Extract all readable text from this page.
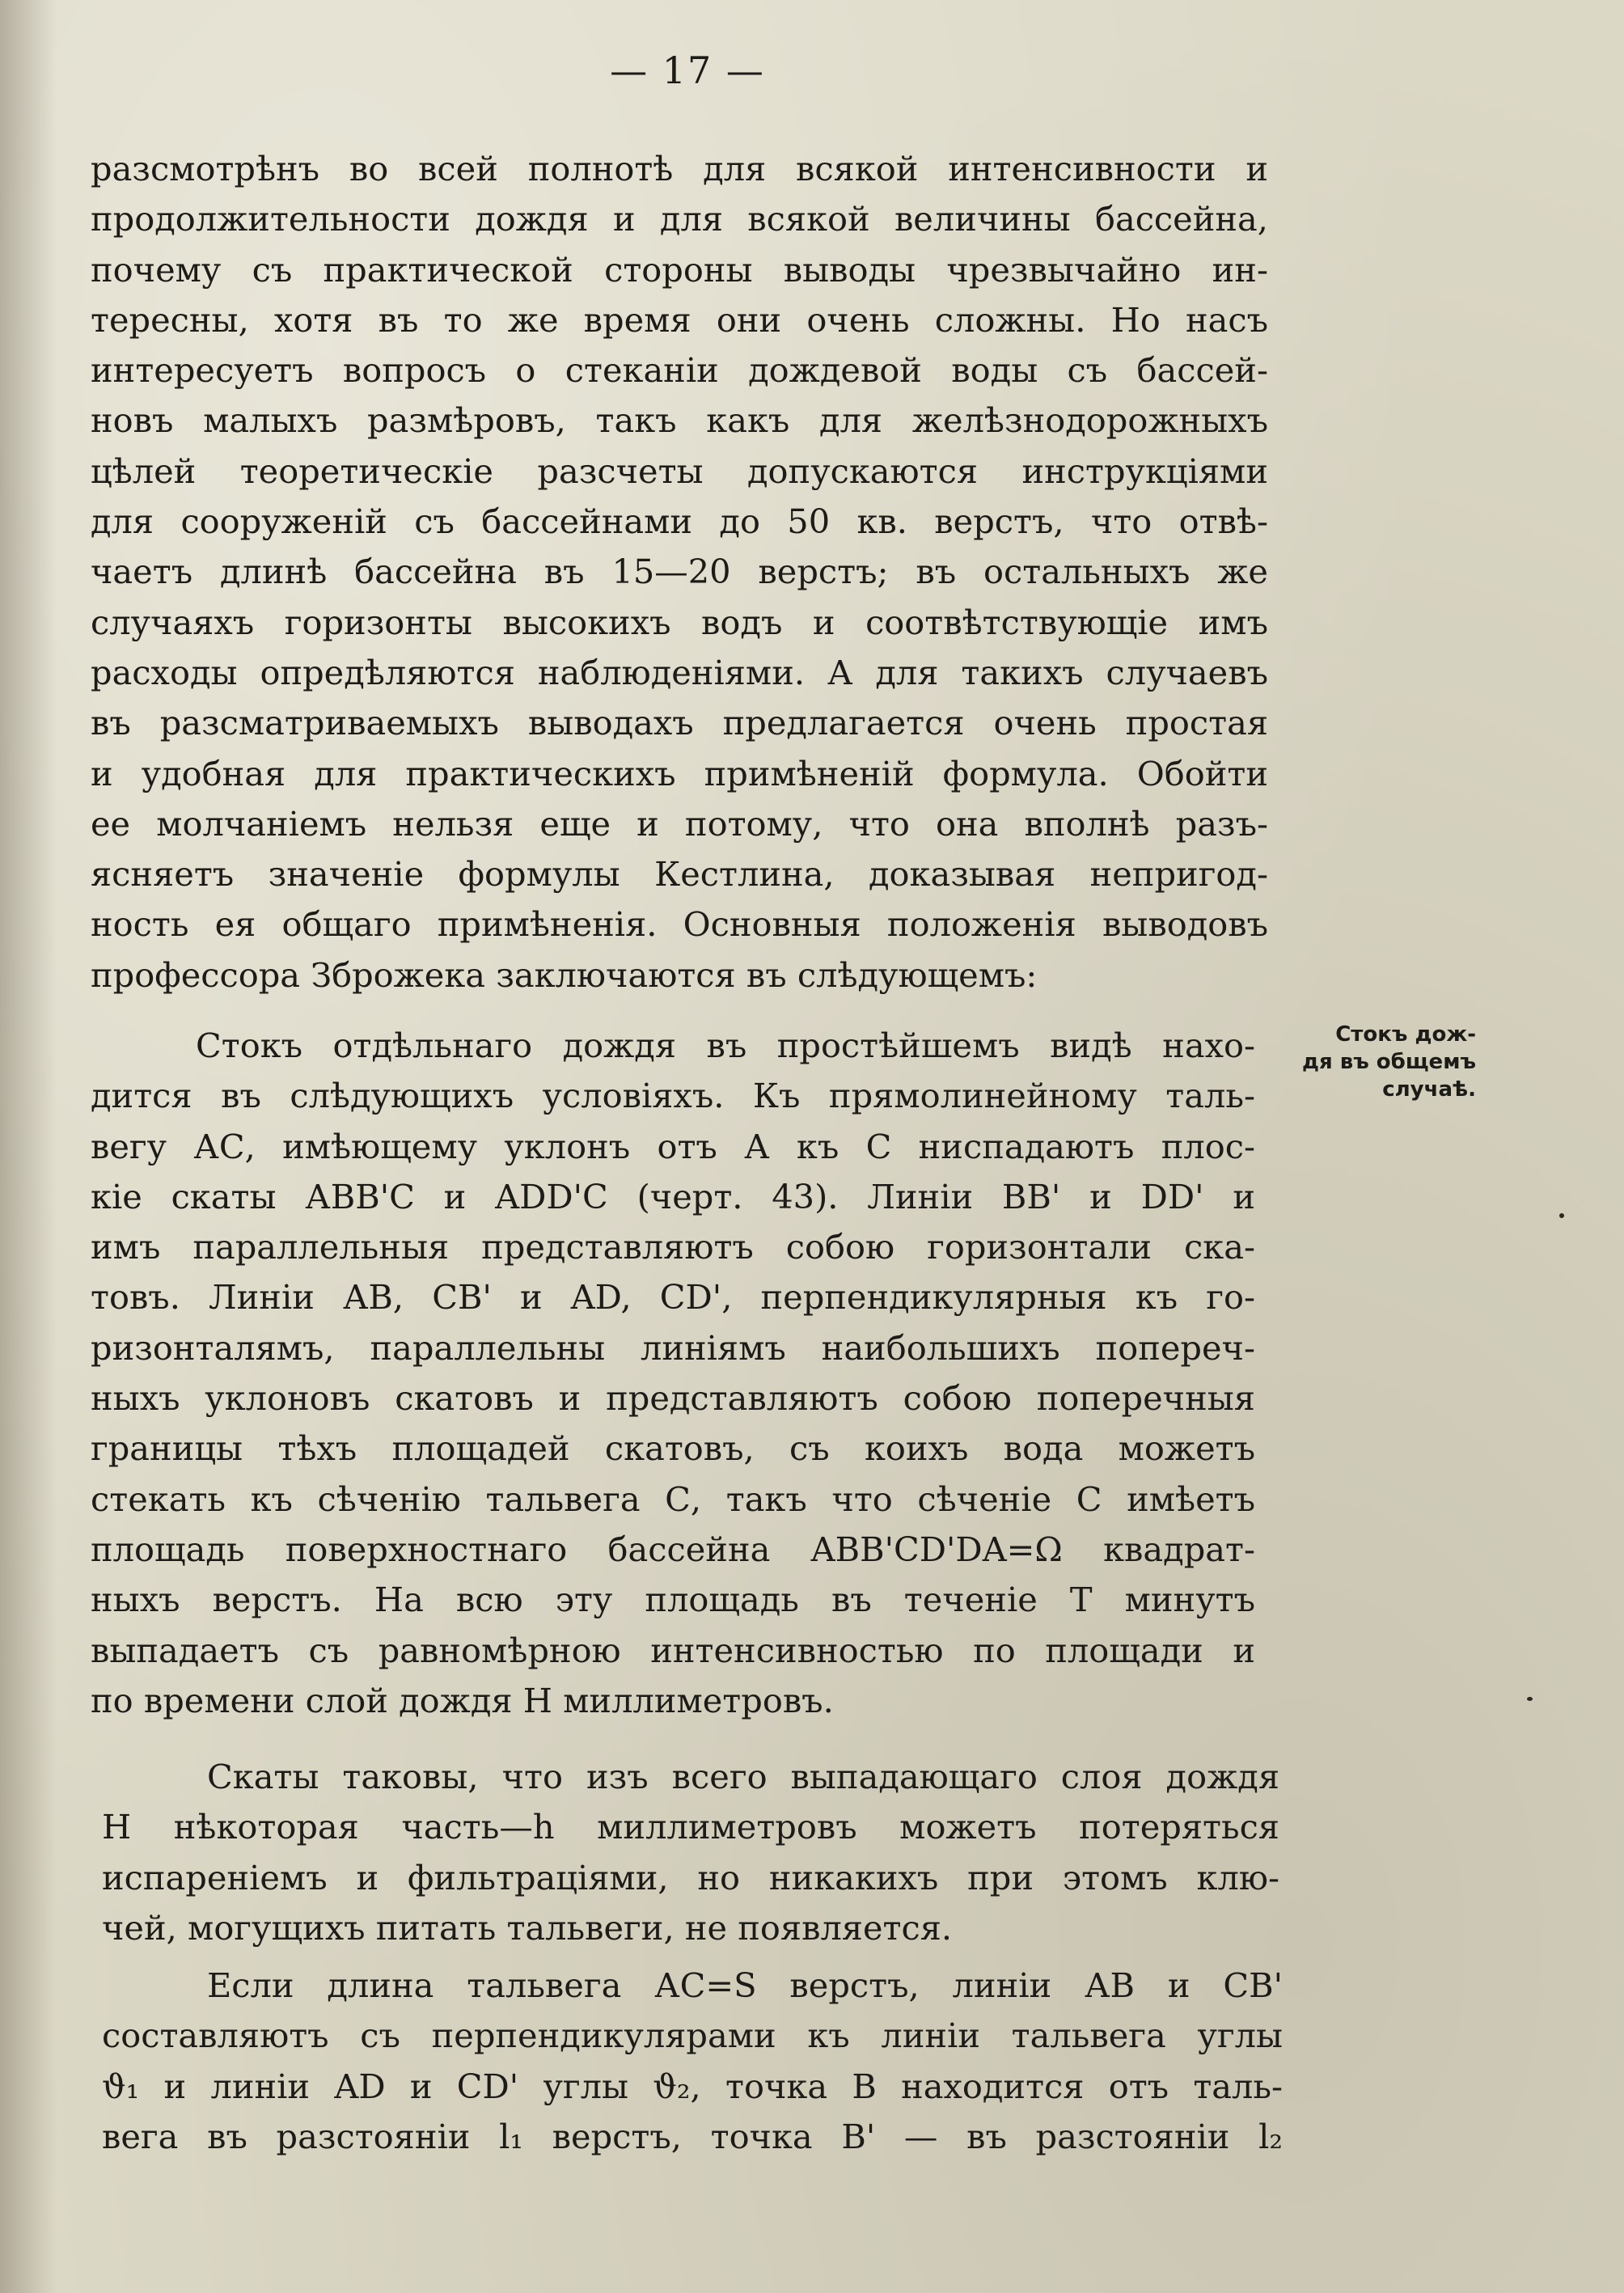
— 17 —
разсмотрѣнъ во всей полнотѣ для всякой интенсивности и
продолжительности дождя и для всякой величины бассейна,
почему съ практической стороны выводы чрезвычайно ин-
тересны, хотя въ то же время они очень сложны. Но насъ
интересуетъ вопросъ о стеканіи дождевой воды съ бассей-
новъ малыхъ размѣровъ, такъ какъ для желѣзнодорожныхъ
цѣлей теоретическіе разсчеты допускаются инструкціями
для сооруженій съ бассейнами до 50 кв. верстъ, что отвѣ-
чаетъ длинѣ бассейна въ 15—20 верстъ; въ остальныхъ же
случаяхъ горизонты высокихъ водъ и соотвѣтствующіе имъ
расходы опредѣляются наблюденіями. А для такихъ случаевъ
въ разсматриваемыхъ выводахъ предлагается очень простая
и удобная для практическихъ примѣненій формула. Обойти
ее молчаніемъ нельзя еще и потому, что она вполнѣ разъ-
ясняетъ значеніе формулы Кестлина, доказывая непригод-
ность ея общаго примѣненія. Основныя положенія выводовъ
профессора Зброжека заключаются въ слѣдующемъ:
Стокъ отдѣльнаго дождя въ простѣйшемъ видѣ нахо-
дится въ слѣдующихъ условіяхъ. Къ прямолинейному таль-
вегу АС, имѣющему уклонъ отъ А къ С ниспадаютъ плос-
кіе скаты АВВ'С и ADD'C (черт. 43). Линіи ВВ' и DD' и
имъ параллельныя представляютъ собою горизонтали ска-
товъ. Линіи АВ, СВ' и AD, CD', перпендикулярныя къ го-
ризонталямъ, параллельны линіямъ наибольшихъ попереч-
ныхъ уклоновъ скатовъ и представляютъ собою поперечныя
границы тѣхъ площадей скатовъ, съ коихъ вода можетъ
стекать къ сѣченію тальвега С, такъ что сѣченіе С имѣетъ
площадь поверхностнаго бассейна ABB'CD'DA=Ω квадрат-
ныхъ верстъ. На всю эту площадь въ теченіе Т минутъ
выпадаетъ съ равномѣрною интенсивностью по площади и
по времени слой дождя Н миллиметровъ.
Стокъ дож-
дя въ общемъ
случаѣ.
Скаты таковы, что изъ всего выпадающаго слоя дождя
Н нѣкоторая часть—h миллиметровъ можетъ потеряться
испареніемъ и фильтраціями, но никакихъ при этомъ клю-
чей, могущихъ питать тальвеги, не появляется.
Если длина тальвега АС=S верстъ, линіи АВ и СВ'
составляютъ съ перпендикулярами къ линіи тальвега углы
ϑ₁ и линіи AD и CD' углы ϑ₂, точка В находится отъ таль-
вега въ разстояніи l₁ верстъ, точка В' — въ разстояніи l₂
